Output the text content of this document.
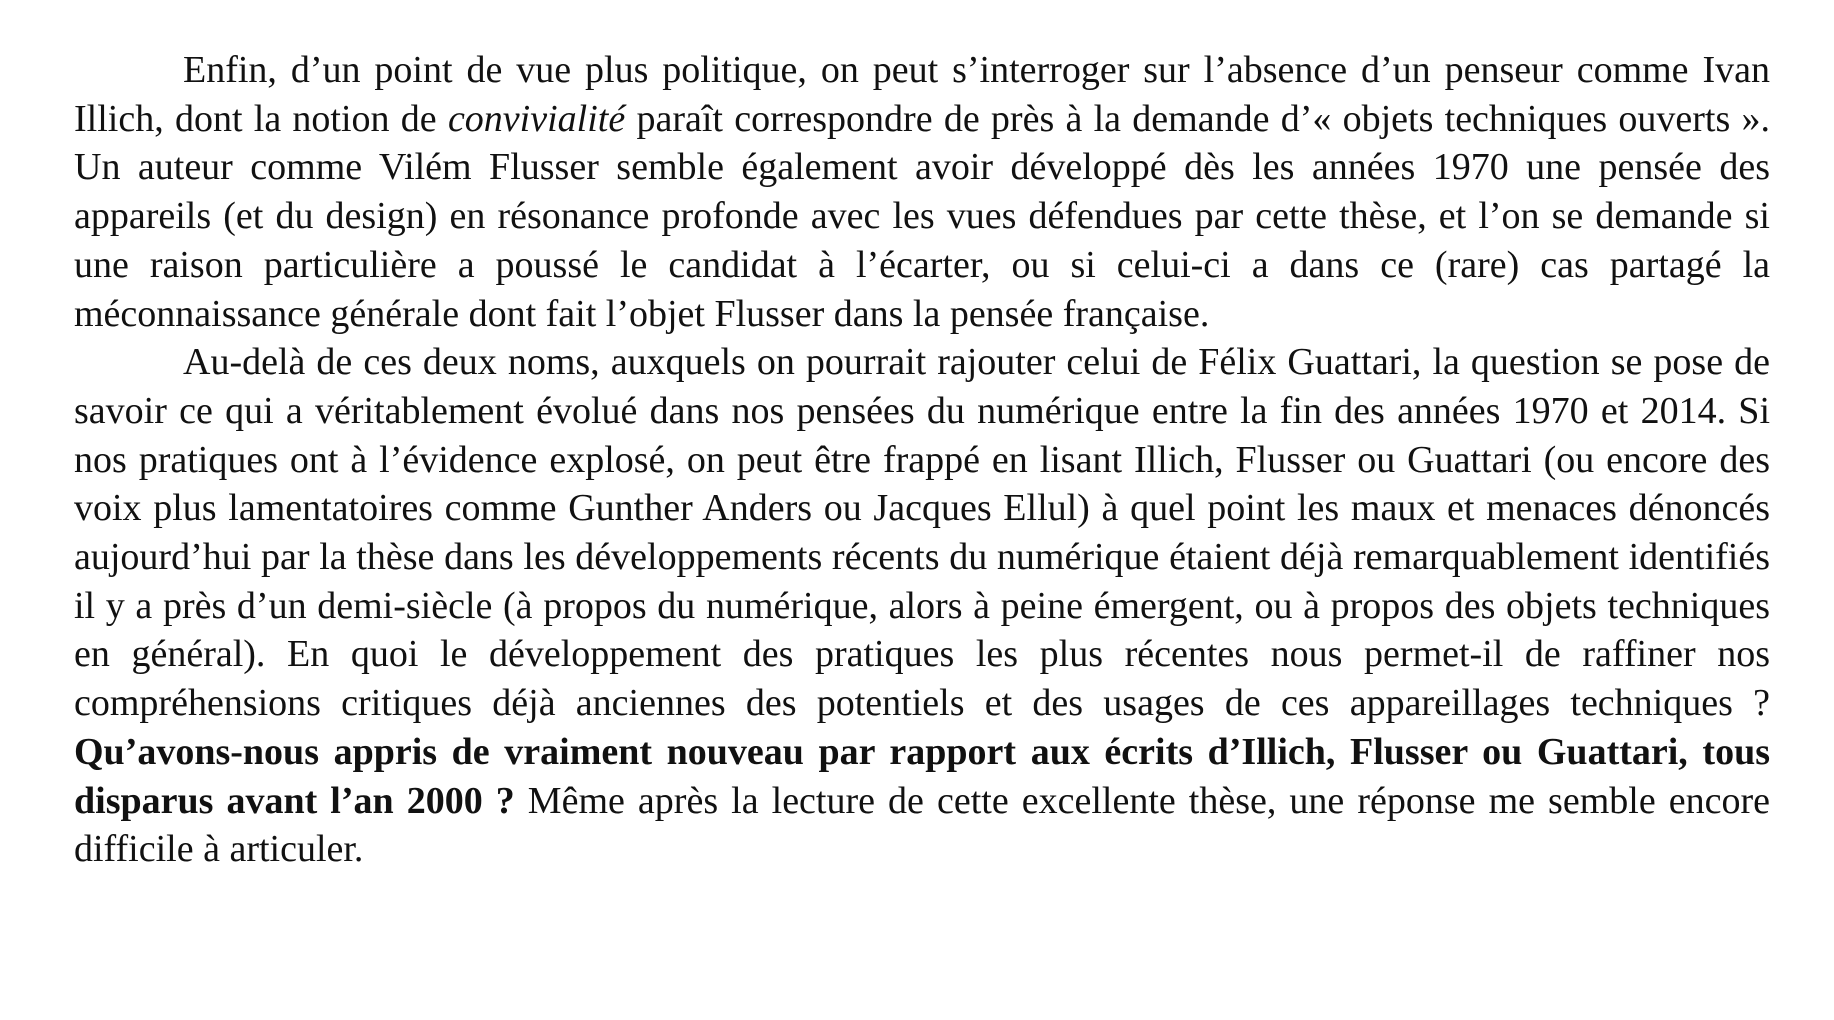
Enfin, d’un point de vue plus politique, on peut s’interroger sur l’absence d’un penseur comme Ivan Illich, dont la notion de convivialité paraît correspondre de près à la demande d’« objets techniques ouverts ». Un auteur comme Vilém Flusser semble également avoir développé dès les années 1970 une pensée des appareils (et du design) en résonance profonde avec les vues défendues par cette thèse, et l’on se demande si une raison particulière a poussé le candidat à l’écarter, ou si celui-ci a dans ce (rare) cas partagé la méconnaissance générale dont fait l’objet Flusser dans la pensée française.

Au-delà de ces deux noms, auxquels on pourrait rajouter celui de Félix Guattari, la question se pose de savoir ce qui a véritablement évolué dans nos pensées du numérique entre la fin des années 1970 et 2014. Si nos pratiques ont à l’évidence explosé, on peut être frappé en lisant Illich, Flusser ou Guattari (ou encore des voix plus lamentatoires comme Gunther Anders ou Jacques Ellul) à quel point les maux et menaces dénoncés aujourd’hui par la thèse dans les développements récents du numérique étaient déjà remarquablement identifiés il y a près d’un demi-siècle (à propos du numérique, alors à peine émergent, ou à propos des objets techniques en général). En quoi le développement des pratiques les plus récentes nous permet-il de raffiner nos compréhensions critiques déjà anciennes des potentiels et des usages de ces appareillages techniques ? Qu’avons-nous appris de vraiment nouveau par rapport aux écrits d’Illich, Flusser ou Guattari, tous disparus avant l’an 2000 ? Même après la lecture de cette excellente thèse, une réponse me semble encore difficile à articuler.
